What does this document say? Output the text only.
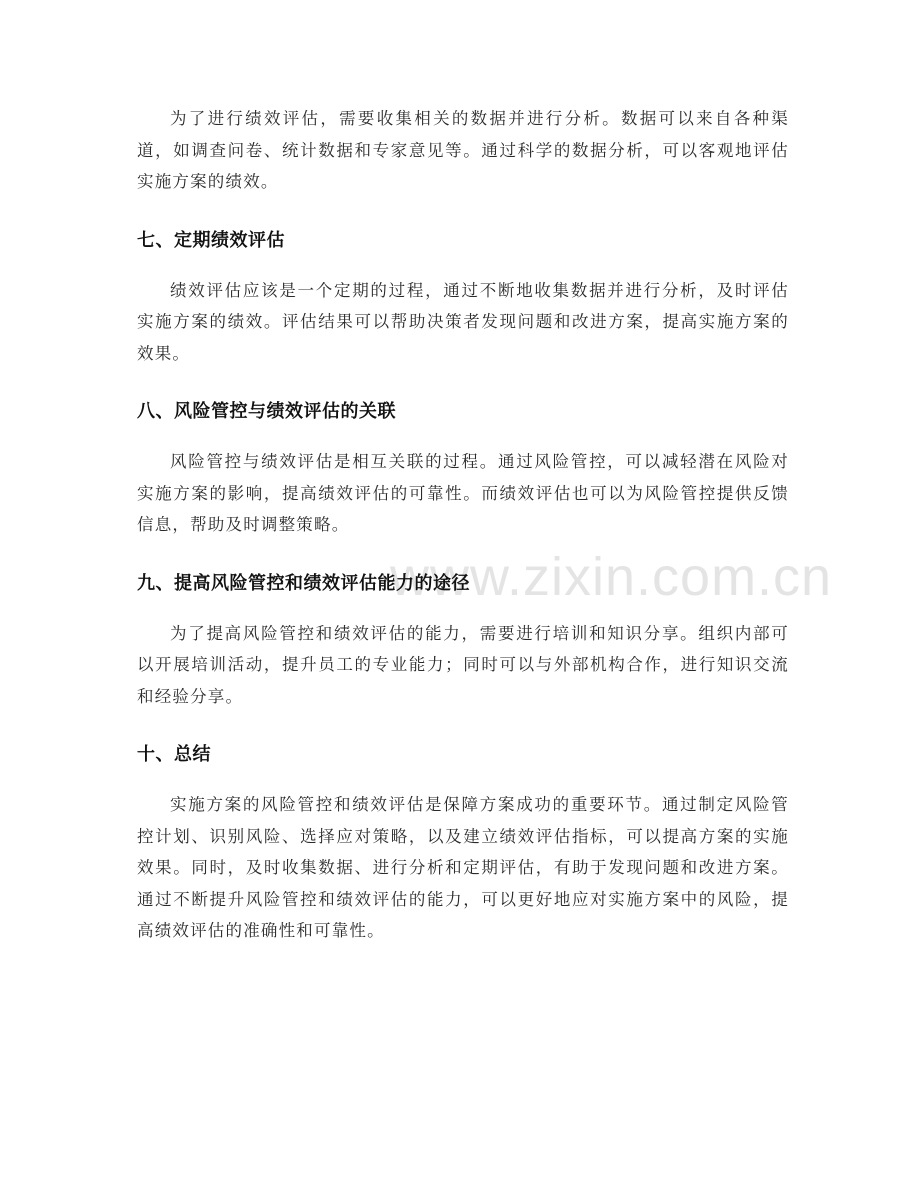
www.zixin.com.cn

为了进行绩效评估，需要收集相关的数据并进行分析。数据可以来自各种渠道，如调查问卷、统计数据和专家意见等。通过科学的数据分析，可以客观地评估实施方案的绩效。

七、定期绩效评估

绩效评估应该是一个定期的过程，通过不断地收集数据并进行分析，及时评估实施方案的绩效。评估结果可以帮助决策者发现问题和改进方案，提高实施方案的效果。

八、风险管控与绩效评估的关联

风险管控与绩效评估是相互关联的过程。通过风险管控，可以减轻潜在风险对实施方案的影响，提高绩效评估的可靠性。而绩效评估也可以为风险管控提供反馈信息，帮助及时调整策略。

九、提高风险管控和绩效评估能力的途径

为了提高风险管控和绩效评估的能力，需要进行培训和知识分享。组织内部可以开展培训活动，提升员工的专业能力；同时可以与外部机构合作，进行知识交流和经验分享。

十、总结

实施方案的风险管控和绩效评估是保障方案成功的重要环节。通过制定风险管控计划、识别风险、选择应对策略，以及建立绩效评估指标，可以提高方案的实施效果。同时，及时收集数据、进行分析和定期评估，有助于发现问题和改进方案。通过不断提升风险管控和绩效评估的能力，可以更好地应对实施方案中的风险，提高绩效评估的准确性和可靠性。
